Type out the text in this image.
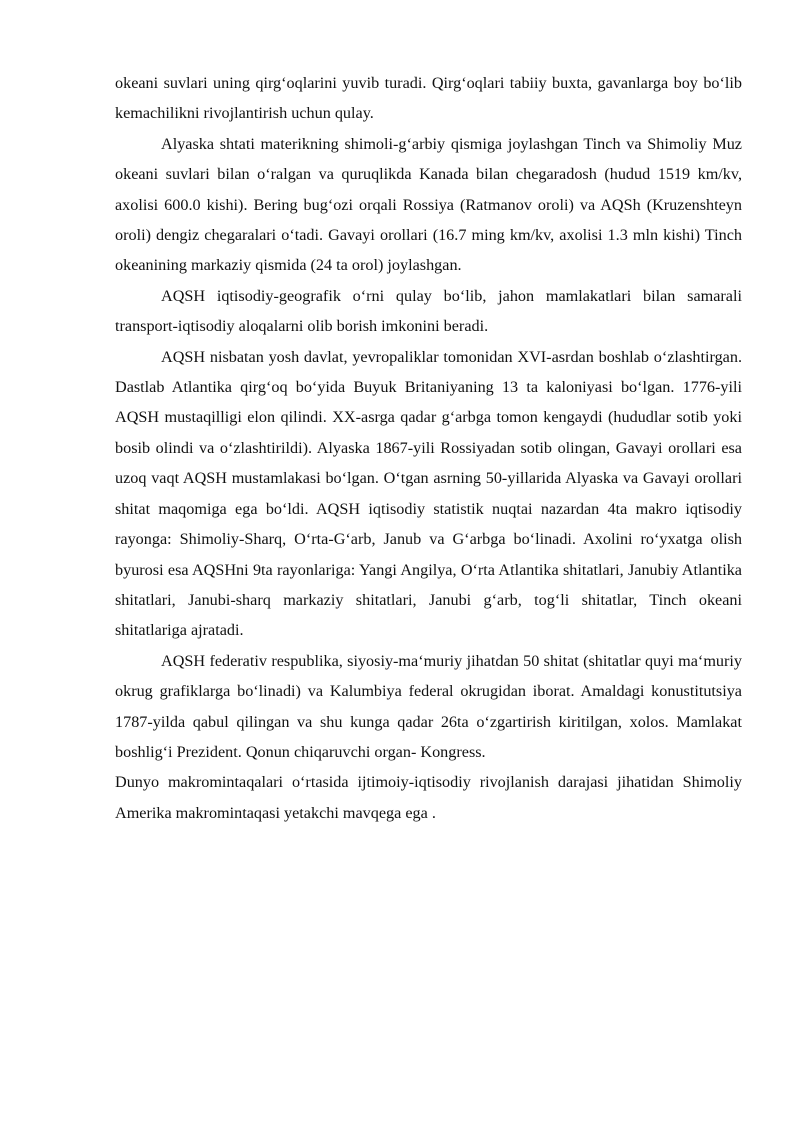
okeani suvlari uning qirg‘oqlarini yuvib turadi. Qirg‘oqlari tabiiy buxta, gavanlarga boy bo‘lib kemachilikni rivojlantirish uchun qulay.

Alyaska shtati materikning shimoli-g‘arbiy qismiga joylashgan Tinch va Shimoliy Muz okeani suvlari bilan o‘ralgan va quruqlikda Kanada bilan chegaradosh (hudud 1519 km/kv, axolisi 600.0 kishi). Bering bug‘ozi orqali Rossiya (Ratmanov oroli) va AQSh (Kruzenshteyn oroli) dengiz chegaralari o‘tadi. Gavayi orollari (16.7 ming km/kv, axolisi 1.3 mln kishi) Tinch okeanining markaziy qismida (24 ta orol) joylashgan.

AQSH iqtisodiy-geografik o‘rni qulay bo‘lib, jahon mamlakatlari bilan samarali transport-iqtisodiy aloqalarni olib borish imkonini beradi.

AQSH nisbatan yosh davlat, yevropaliklar tomonidan XVI-asrdan boshlab o‘zlashtirgan. Dastlab Atlantika qirg‘oq bo‘yida Buyuk Britaniyaning 13 ta kaloniyasi bo‘lgan. 1776-yili AQSH mustaqilligi elon qilindi. XX-asrga qadar g‘arbga tomon kengaydi (hududlar sotib yoki bosib olindi va o‘zlashtirildi). Alyaska 1867-yili Rossiyadan sotib olingan, Gavayi orollari esa uzoq vaqt AQSH mustamlakasi bo‘lgan. O‘tgan asrning 50-yillarida Alyaska va Gavayi orollari shitat maqomiga ega bo‘ldi. AQSH iqtisodiy statistik nuqtai nazardan 4ta makro iqtisodiy rayonga: Shimoliy-Sharq, O‘rta-G‘arb, Janub va G‘arbga bo‘linadi. Axolini ro‘yxatga olish byurosi esa AQSHni 9ta rayonlariga: Yangi Angilya, O‘rta Atlantika shitatlari, Janubiy Atlantika shitatlari, Janubi-sharq markaziy shitatlari, Janubi g‘arb, tog‘li shitatlar, Tinch okeani shitatlariga ajratadi.

AQSH federativ respublika, siyosiy-ma‘muriy jihatdan 50 shitat (shitatlar quyi ma‘muriy okrug grafiklarga bo‘linadi) va Kalumbiya federal okrugidan iborat. Amaldagi konustitutsiya 1787-yilda qabul qilingan va shu kunga qadar 26ta o‘zgartirish kiritilgan, xolos. Mamlakat boshlig‘i Prezident. Qonun chiqaruvchi organ- Kongress.

Dunyo makromintaqalari o‘rtasida ijtimoiy-iqtisodiy rivojlanish darajasi jihatidan Shimoliy Amerika makromintaqasi yetakchi mavqega ega .
